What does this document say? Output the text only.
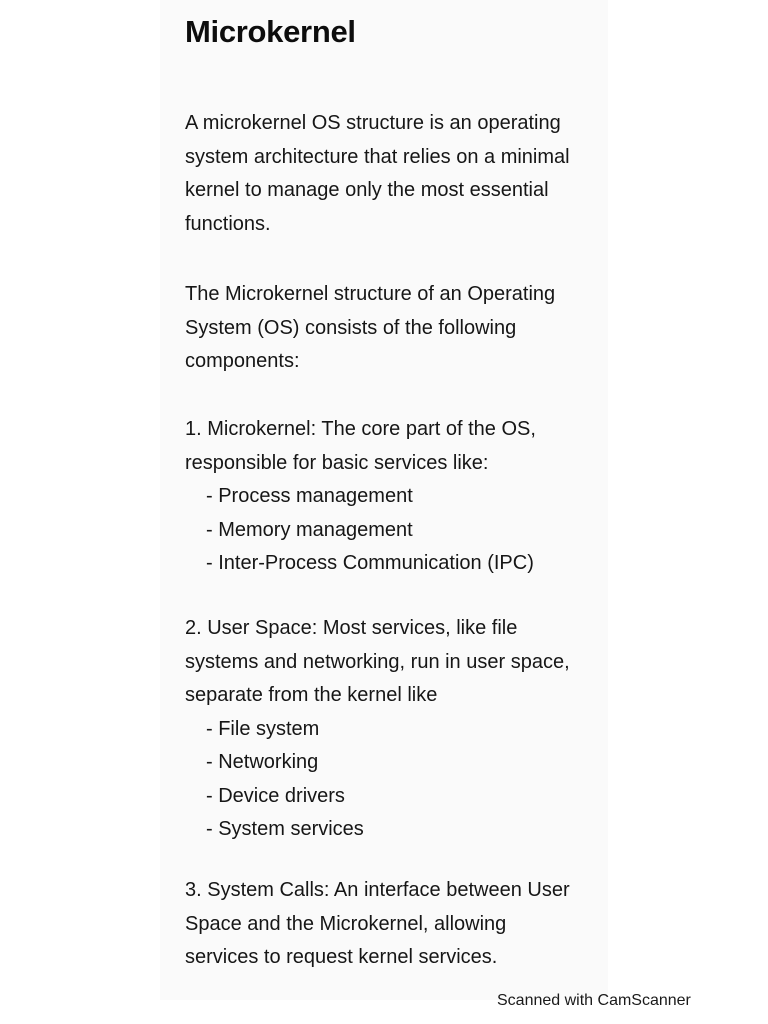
Microkernel

A microkernel OS structure is an operating
system architecture that relies on a minimal
kernel to manage only the most essential
functions.

The Microkernel structure of an Operating
System (OS) consists of the following
components:

1. Microkernel: The core part of the OS,
responsible for basic services like:
- Process management
- Memory management
- Inter-Process Communication (IPC)

2. User Space: Most services, like file
systems and networking, run in user space,
separate from the kernel like
- File system
- Networking
- Device drivers
- System services

3. System Calls: An interface between User
Space and the Microkernel, allowing
services to request kernel services.

Scanned with CamScanner
